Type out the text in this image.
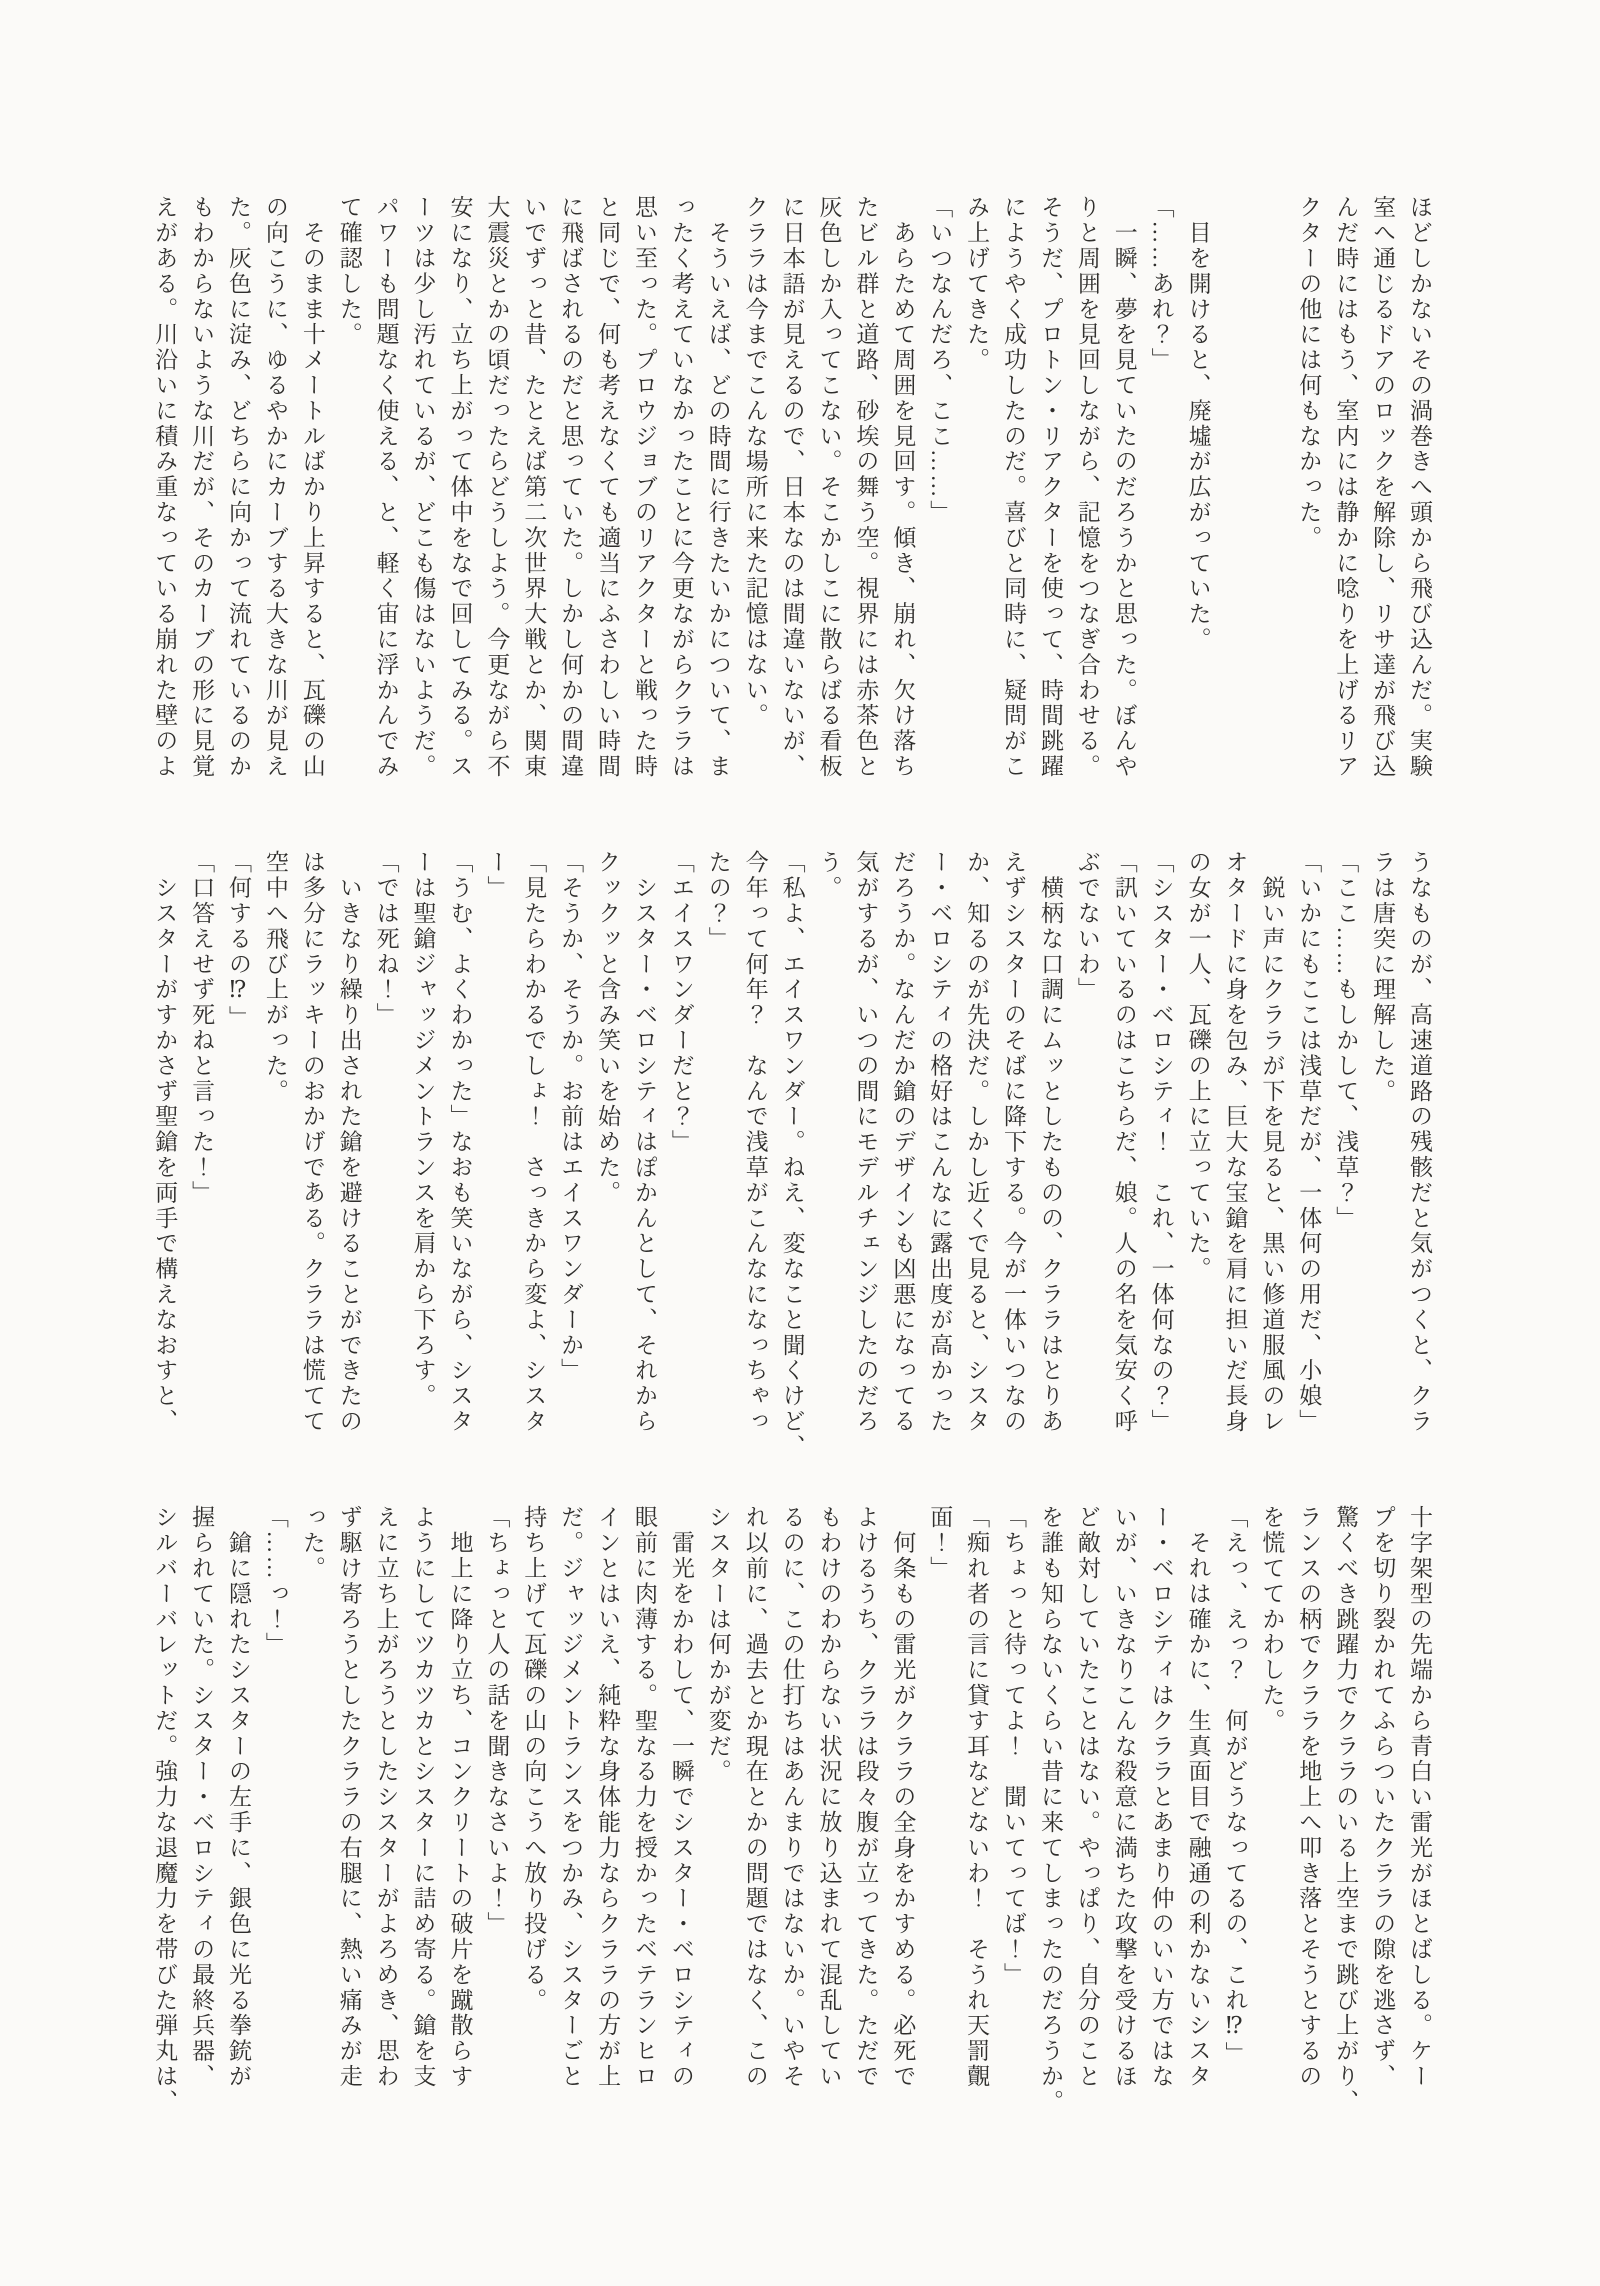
ほどしかないその渦巻きへ頭から飛び込んだ。実験

室へ通じるドアのロックを解除し、リサ達が飛び込

んだ時にはもう、室内には静かに唸りを上げるリア

クターの他には何もなかった。

　目を開けると、廃墟が広がっていた。

「……あれ？」

　一瞬、夢を見ていたのだろうかと思った。ぼんや

りと周囲を見回しながら、記憶をつなぎ合わせる。

そうだ、プロトン・リアクターを使って、時間跳躍

にようやく成功したのだ。喜びと同時に、疑問がこ

み上げてきた。

「いつなんだろ、ここ……」

　あらためて周囲を見回す。傾き、崩れ、欠け落ち

たビル群と道路、砂埃の舞う空。視界には赤茶色と

灰色しか入ってこない。そこかしこに散らばる看板

に日本語が見えるので、日本なのは間違いないが、

クララは今までこんな場所に来た記憶はない。

　そういえば、どの時間に行きたいかについて、ま

ったく考えていなかったことに今更ながらクララは

思い至った。プロウジョブのリアクターと戦った時

と同じで、何も考えなくても適当にふさわしい時間

に飛ばされるのだと思っていた。しかし何かの間違

いでずっと昔、たとえば第二次世界大戦とか、関東

大震災とかの頃だったらどうしよう。今更ながら不

安になり、立ち上がって体中をなで回してみる。ス

ーツは少し汚れているが、どこも傷はないようだ。

パワーも問題なく使える、と、軽く宙に浮かんでみ

て確認した。

　そのまま十メートルばかり上昇すると、瓦礫の山

の向こうに、ゆるやかにカーブする大きな川が見え

た。灰色に淀み、どちらに向かって流れているのか

もわからないような川だが、そのカーブの形に見覚

えがある。川沿いに積み重なっている崩れた壁のよ

うなものが、高速道路の残骸だと気がつくと、クラ

ラは唐突に理解した。

「ここ……もしかして、浅草？」

「いかにもここは浅草だが、一体何の用だ、小娘」

　鋭い声にクララが下を見ると、黒い修道服風のレ

オタードに身を包み、巨大な宝鎗を肩に担いだ長身

の女が一人、瓦礫の上に立っていた。

「シスター・ベロシティ！　これ、一体何なの？」

「訊いているのはこちらだ、娘。人の名を気安く呼

ぶでないわ」

　横柄な口調にムッとしたものの、クララはとりあ

えずシスターのそばに降下する。今が一体いつなの

か、知るのが先決だ。しかし近くで見ると、シスタ

ー・ベロシティの格好はこんなに露出度が高かった

だろうか。なんだか鎗のデザインも凶悪になってる

気がするが、いつの間にモデルチェンジしたのだろ

う。

「私よ、エイスワンダー。ねえ、変なこと聞くけど、

今年って何年？　なんで浅草がこんなになっちゃっ

たの？」

「エイスワンダーだと？」

　シスター・ベロシティはぽかんとして、それから

クックッと含み笑いを始めた。

「そうか、そうか。お前はエイスワンダーか」

「見たらわかるでしょ！　さっきから変よ、シスタ

ー」

「うむ、よくわかった」なおも笑いながら、シスタ

ーは聖鎗ジャッジメントランスを肩から下ろす。

「では死ね！」

　いきなり繰り出された鎗を避けることができたの

は多分にラッキーのおかげである。クララは慌てて

空中へ飛び上がった。

「何するの⁉」

「口答えせず死ねと言った！」

　シスターがすかさず聖鎗を両手で構えなおすと、

十字架型の先端から青白い雷光がほとばしる。ケー

プを切り裂かれてふらついたクララの隙を逃さず、

驚くべき跳躍力でクララのいる上空まで跳び上がり、

ランスの柄でクララを地上へ叩き落とそうとするの

を慌ててかわした。

「えっ、えっ？　何がどうなってるの、これ⁉」

　それは確かに、生真面目で融通の利かないシスタ

ー・ベロシティはクララとあまり仲のいい方ではな

いが、いきなりこんな殺意に満ちた攻撃を受けるほ

ど敵対していたことはない。やっぱり、自分のこと

を誰も知らないくらい昔に来てしまったのだろうか。

「ちょっと待ってよ！　聞いてってば！」

「痴れ者の言に貸す耳などないわ！　そうれ天罰覿

面！」

　何条もの雷光がクララの全身をかすめる。必死で

よけるうち、クララは段々腹が立ってきた。ただで

もわけのわからない状況に放り込まれて混乱してい

るのに、この仕打ちはあんまりではないか。いやそ

れ以前に、過去とか現在とかの問題ではなく、この

シスターは何かが変だ。

　雷光をかわして、一瞬でシスター・ベロシティの

眼前に肉薄する。聖なる力を授かったベテランヒロ

インとはいえ、純粋な身体能力ならクララの方が上

だ。ジャッジメントランスをつかみ、シスターごと

持ち上げて瓦礫の山の向こうへ放り投げる。

「ちょっと人の話を聞きなさいよ！」

　地上に降り立ち、コンクリートの破片を蹴散らす

ようにしてツカツカとシスターに詰め寄る。鎗を支

えに立ち上がろうとしたシスターがよろめき、思わ

ず駆け寄ろうとしたクララの右腿に、熱い痛みが走

った。

「……っ！」

　鎗に隠れたシスターの左手に、銀色に光る拳銃が

握られていた。シスター・ベロシティの最終兵器、

シルバーバレットだ。強力な退魔力を帯びた弾丸は、
